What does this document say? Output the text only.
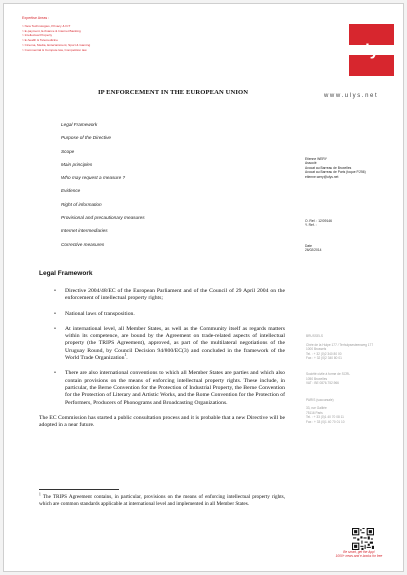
Expertise Areas :
> New Technologies, Privacy & ICT
> E-payment, E-finance & Internet Banking
> Intellectual Property
> E-health & Telemedicine
> Cinema, Media, Entertainment, Sport & Gaming
> Commercial & Compute law, Competition law	ulys
www.ulys.net
IP ENFORCEMENT IN THE EUROPEAN UNION
Legal Framework
Purpose of the Directive
Scope
Main principles
Who may request a measure ?
Evidence
Right of information
Provisional and precautionary measures
Internet intermediaries
Corrective measures
Etienne WERY
Associé
Avocat au Barreau de Bruxelles
Avocat au Barreau de Paris (toque P.256)
etienne.wery@ulys.net
O. Ref. : 12/09146
Y. Ref. :
Date
26/02/2014
Legal Framework
• Directive 2004/48/EC of the European Parliament and of the Council of 29 April 2004 on the enforcement of intellectual property rights;
• National laws of transposition.
• At international level, all Member States, as well as the Community itself as regards matters within its competence, are bound by the Agreement on trade-related aspects of intellectual property (the TRIPS Agreement), approved, as part of the multilateral negotiations of the Uruguay Round, by Council Decision 94/800/EC(3) and concluded in the framework of the World Trade Organization$^1$.
• There are also international conventions to which all Member States are parties and which also contain provisions on the means of enforcing intellectual property rights. These include, in particular, the Berne Convention for the Protection of Industrial Property, the Berne Convention for the Protection of Literary and Artistic Works, and the Rome Convention for the Protection of Performers, Producers of Phonograms and Broadcasting Organizations.

The EC Commission has started a public consultation process and it is probable that a new Directive will be adopted in a near future.

$^1$ The TRIPS Agreement contains, in particular, provisions on the means of enforcing intellectual property rights, which are common standards applicable at international level and implemented in all Member States.
BRUSSELS

Chée de la Hulpe 177 / Terhulpsesteenweg 177
1000 Brussels
Tel. : + 32 (0)2 340 80 00
Fax : + 32 (0)2 340 80 01
Société civile à forme de SCRL
1050 Bruxelles
VAT : BE 0876.752.966
PARIS (succursale)

33, rue Galilée
75116 Paris
Tel. : + 33 (0)1 40 70 08 11
Fax : + 33 (0)1 40 70 01 10
Be smart, get the App!
1000+ news and e-books for free
